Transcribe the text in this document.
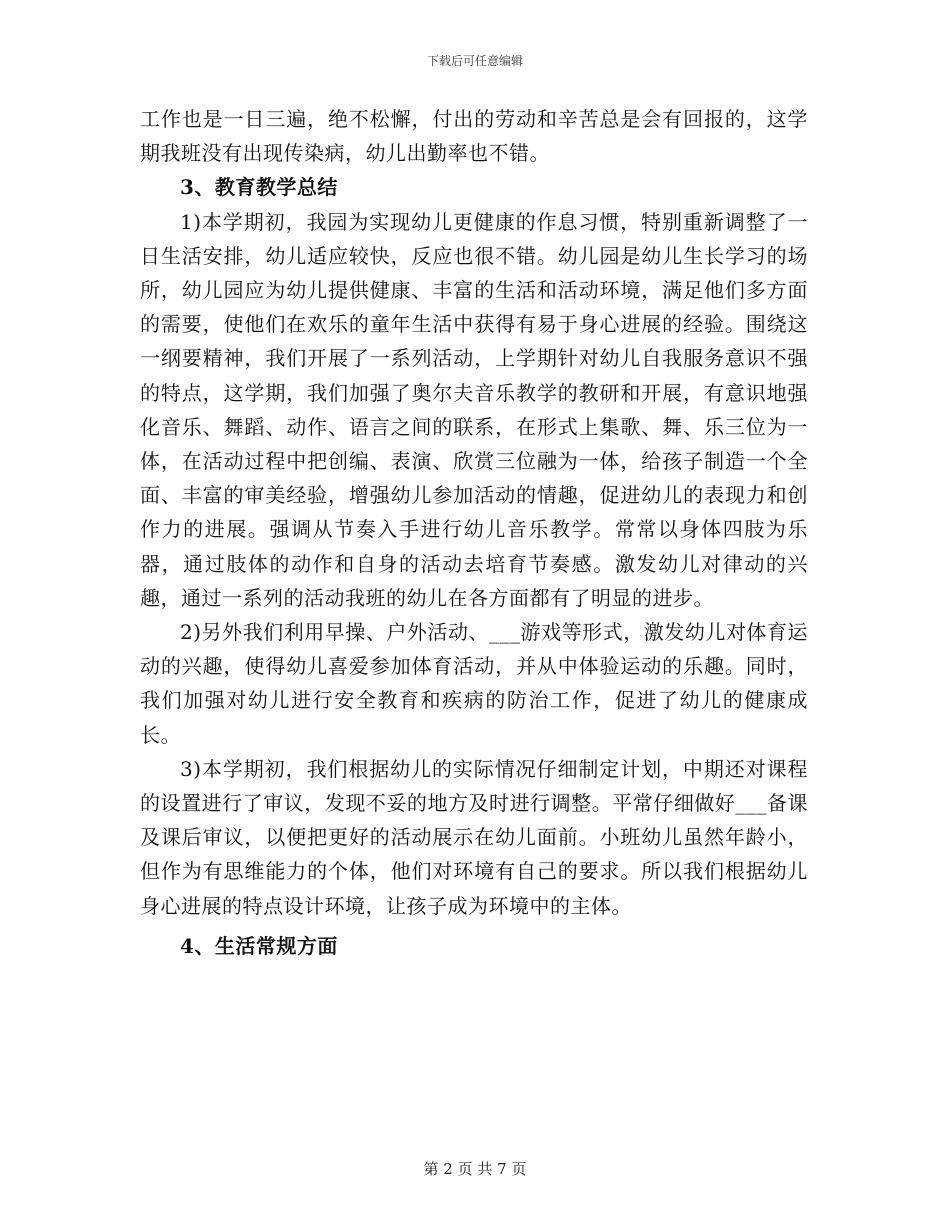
下载后可任意编辑

工作也是一日三遍，绝不松懈，付出的劳动和辛苦总是会有回报的，这学期我班没有出现传染病，幼儿出勤率也不错。

3、教育教学总结

1)本学期初，我园为实现幼儿更健康的作息习惯，特别重新调整了一日生活安排，幼儿适应较快，反应也很不错。幼儿园是幼儿生长学习的场所，幼儿园应为幼儿提供健康、丰富的生活和活动环境，满足他们多方面的需要，使他们在欢乐的童年生活中获得有易于身心进展的经验。围绕这一纲要精神，我们开展了一系列活动，上学期针对幼儿自我服务意识不强的特点，这学期，我们加强了奥尔夫音乐教学的教研和开展，有意识地强化音乐、舞蹈、动作、语言之间的联系，在形式上集歌、舞、乐三位为一体，在活动过程中把创编、表演、欣赏三位融为一体，给孩子制造一个全面、丰富的审美经验，增强幼儿参加活动的情趣，促进幼儿的表现力和创作力的进展。强调从节奏入手进行幼儿音乐教学。常常以身体四肢为乐器，通过肢体的动作和自身的活动去培育节奏感。激发幼儿对律动的兴趣，通过一系列的活动我班的幼儿在各方面都有了明显的进步。

2)另外我们利用早操、户外活动、___游戏等形式，激发幼儿对体育运动的兴趣，使得幼儿喜爱参加体育活动，并从中体验运动的乐趣。同时，我们加强对幼儿进行安全教育和疾病的防治工作，促进了幼儿的健康成长。

3)本学期初，我们根据幼儿的实际情况仔细制定计划，中期还对课程的设置进行了审议，发现不妥的地方及时进行调整。平常仔细做好___备课及课后审议，以便把更好的活动展示在幼儿面前。小班幼儿虽然年龄小，但作为有思维能力的个体，他们对环境有自己的要求。所以我们根据幼儿身心进展的特点设计环境，让孩子成为环境中的主体。

4、生活常规方面

第 2 页 共 7 页
